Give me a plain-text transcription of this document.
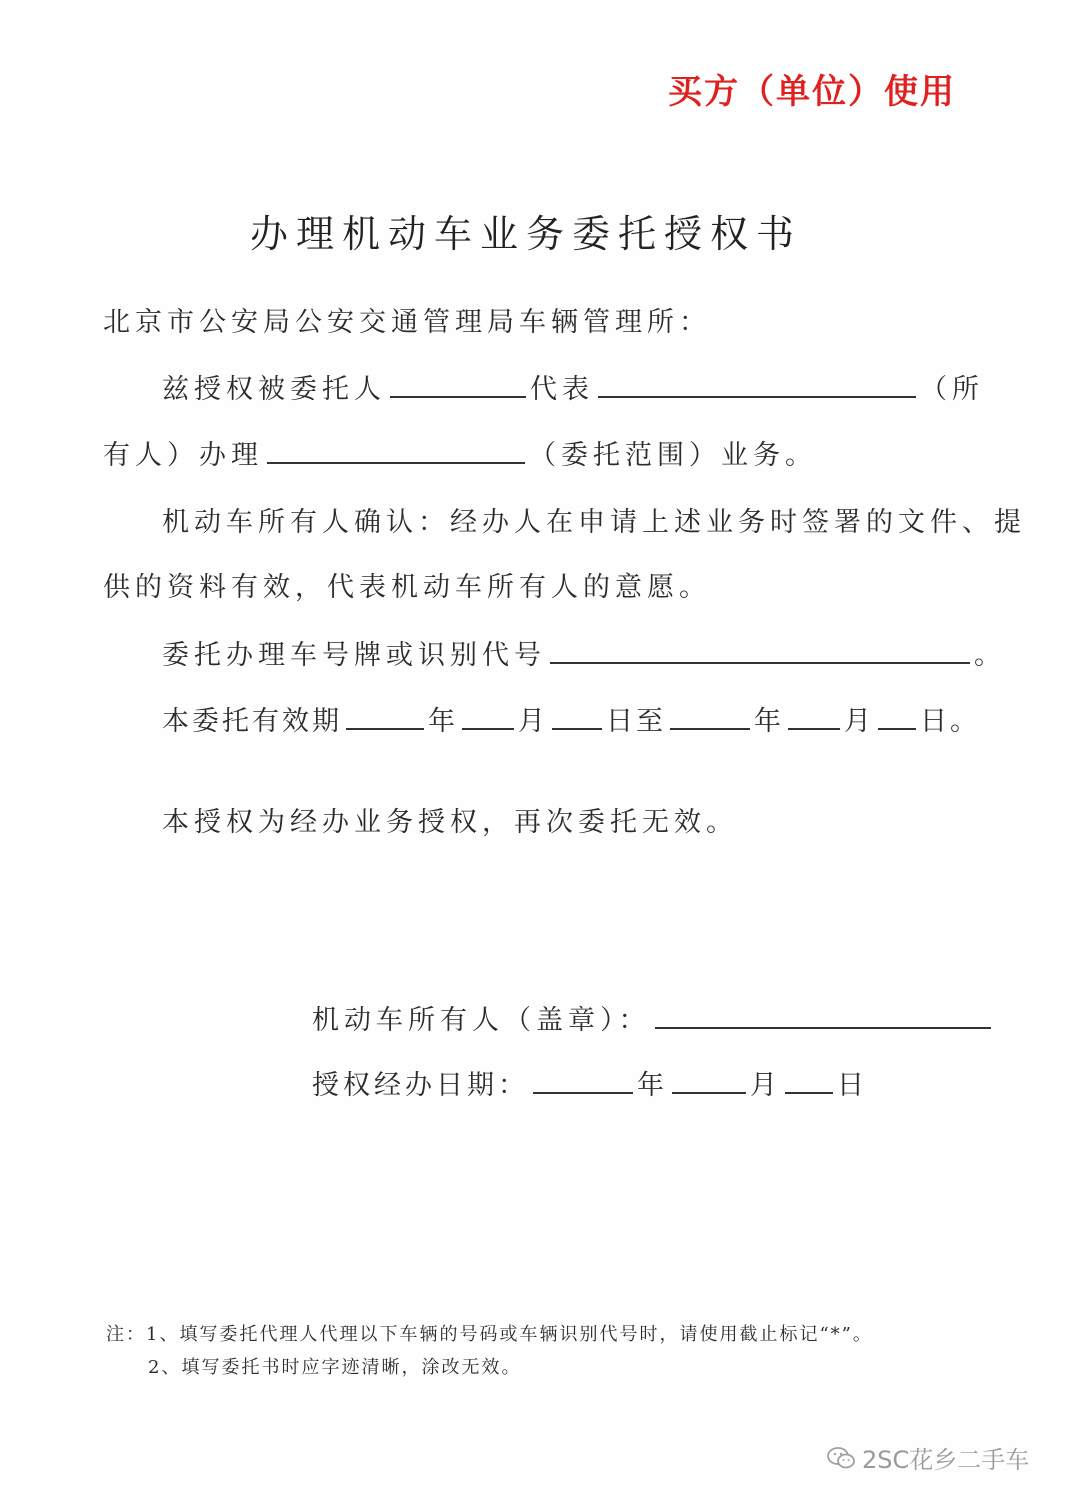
买方（单位）使用
办理机动车业务委托授权书
北京市公安局公安交通管理局车辆管理所：
兹授权被委托人	代表	（所
有人）办理	（委托范围）业务。
机动车所有人确认：经办人在申请上述业务时签署的文件、提
供的资料有效，代表机动车所有人的意愿。
委托办理车号牌或识别代号	。
本委托有效期	年 月 日至	年 月 日。
本授权为经办业务授权，再次委托无效。
机动车所有人（盖章）：
授权经办日期：	年	月 日
注：1、填写委托代理人代理以下车辆的号码或车辆识别代号时，请使用截止标记“*”。
2、填写委托书时应字迹清晰，涂改无效。
2SC花乡二手车
